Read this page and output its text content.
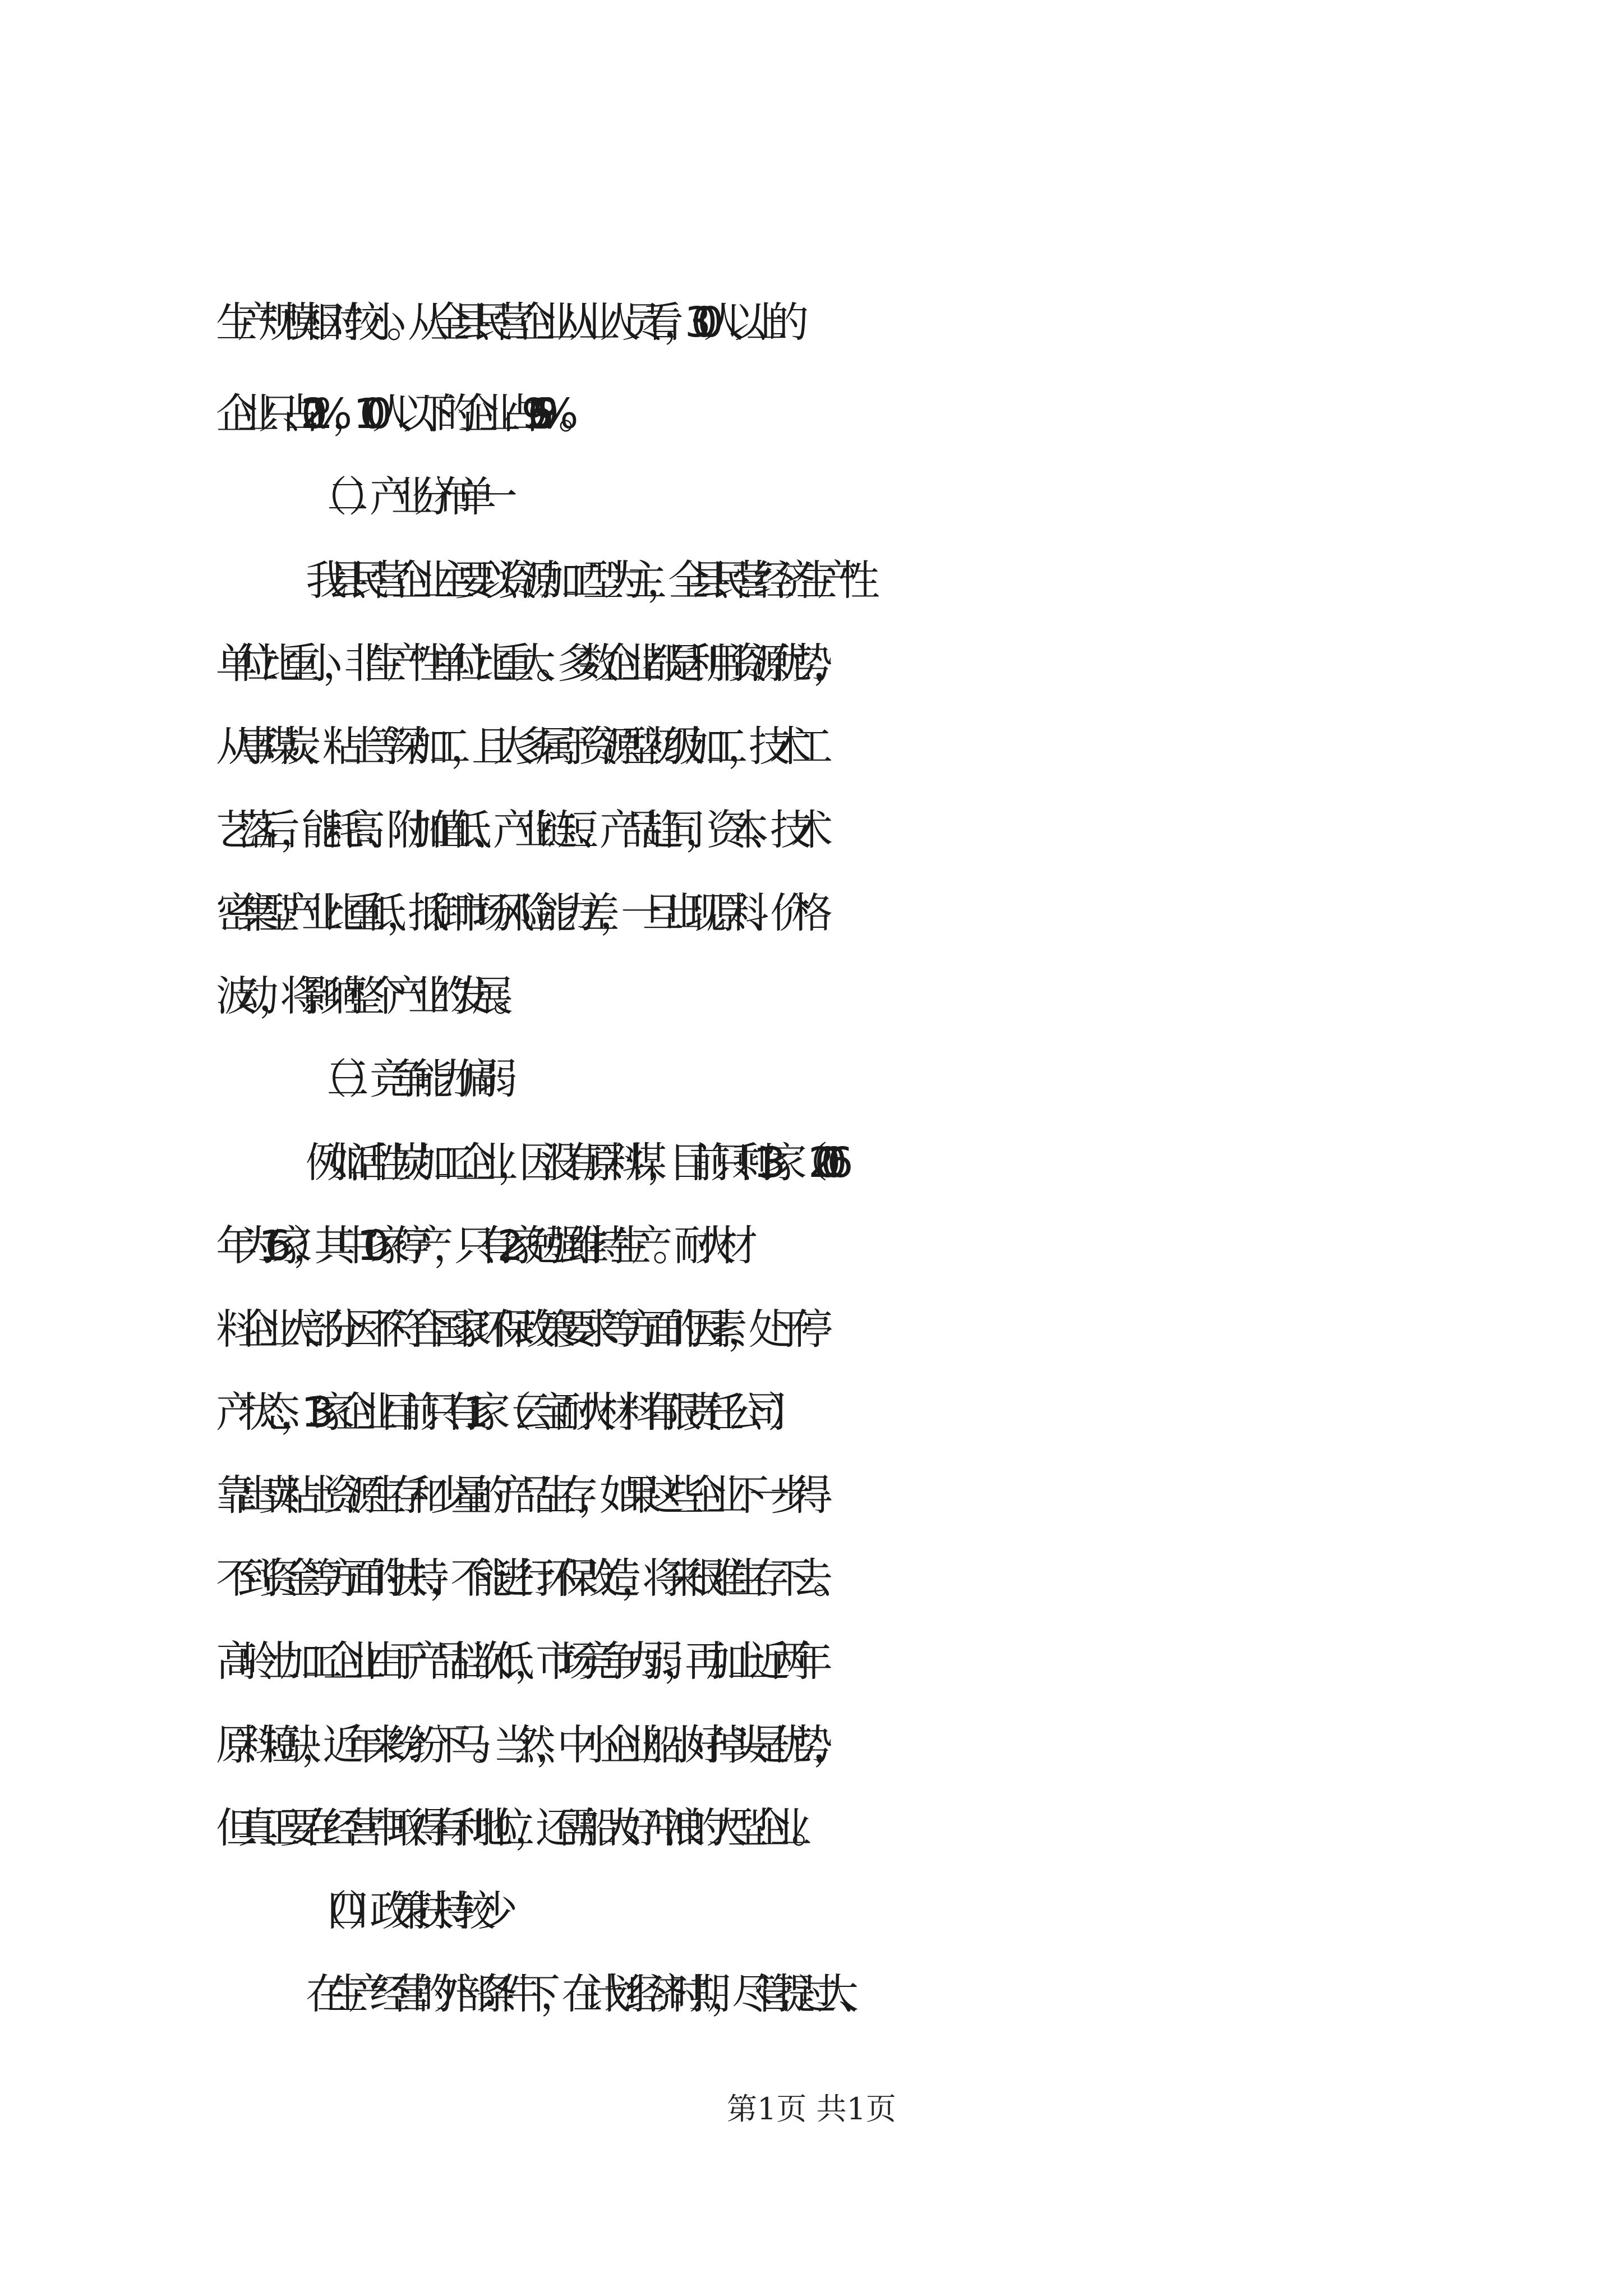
生产规模相对较小。从全县民营企业从业人员看，300人以上的
企业只占0.21%，100人以下的企业占96.59%。
（二）产业分布单一
我县民营企业主要以资源加工型为主，全县民营经济生产性
单位比重小，非生产性单位比重大。多数企业都是利用资源优势，
从事煤炭、粘土等深加工，且大多属于资源型初级加工，技术工
艺落后，能耗高、附加值低、产业链短、产品趋同，资本、技术
密集型产业比重低，抵御市场风险能力差，一旦出现原料、价格
波动，将影响整个产业的发展。
（三）竞争能力偏弱
例如活性炭加工企业，因没有原料煤，目前只剩13家（2006
年为16家），其中10家停产，只有2家勉强维持生产。耐火材
料企业大部分因不符合国家环保政策要求等方面的因素，处于停
产状态，13家企业目前只有1家（云宝耐火材料有限责任公司）
靠出卖粘土资源生存和少量的产品生存，如果这些企业下一步得
不到资金等方面的扶持，不能进行环保改造，将来很难生存下去。
高岭土加工企业由于产品档次低，市场竞争力弱，再加上近两年
原料短缺，近年来纷纷下马。当然，中小企业船小好掉头是优势，
但真正要在经营中取得有利地位，还需船大好冲浪的大型企业。
（四）政策扶持较少
在生产经营的外部条件下，在计划经济时期，尽管提过大、
第1页 共1页
